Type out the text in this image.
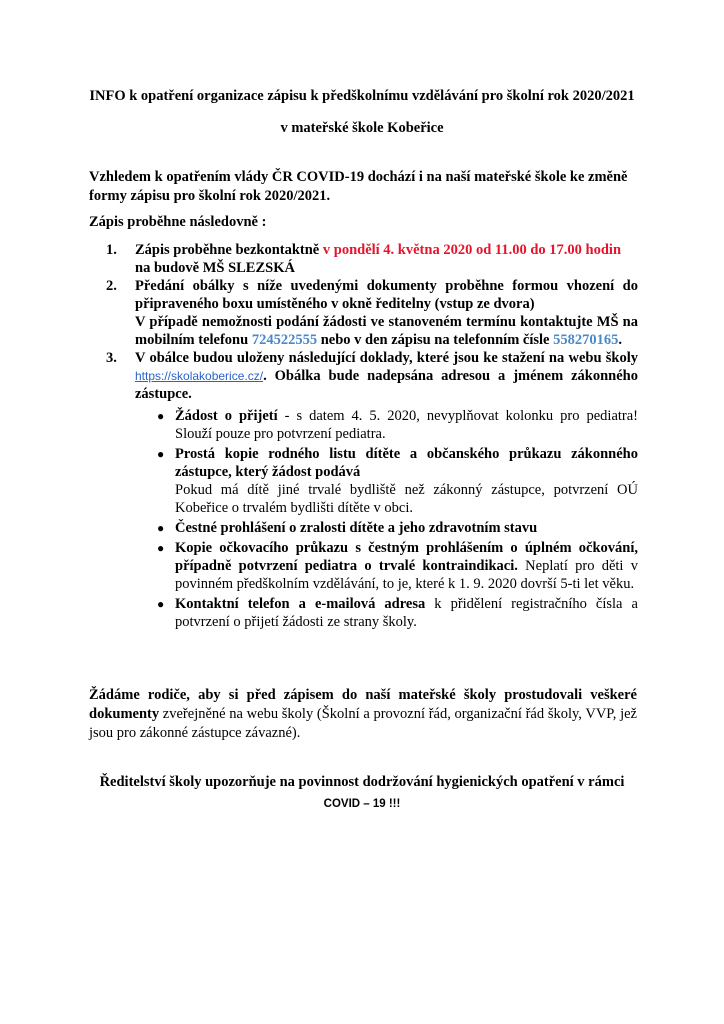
INFO k opatření organizace zápisu k předškolnímu vzdělávání pro školní rok 2020/2021
v mateřské škole Kobeřice
Vzhledem k opatřením vlády ČR COVID-19 dochází i na naší mateřské škole ke změně formy zápisu pro školní rok 2020/2021.
Zápis proběhne následovně :
1. Zápis proběhne bezkontaktně v pondělí 4. května 2020 od 11.00 do 17.00 hodin
na budově MŠ SLEZSKÁ
2. Předání obálky s níže uvedenými dokumenty proběhne formou vhození do připraveného boxu umístěného v okně ředitelny (vstup ze dvora)
V případě nemožnosti podání žádosti ve stanoveném termínu kontaktujte MŠ na mobilním telefonu 724522555 nebo v den zápisu na telefonním čísle 558270165.
3. V obálce budou uloženy následující doklady, které jsou ke stažení na webu školy https://skolakoberice.cz/. Obálka bude nadepsána adresou a jménem zákonného zástupce.
● Žádost o přijetí - s datem 4. 5. 2020, nevyplňovat kolonku pro pediatra! Slouží pouze pro potvrzení pediatra.
● Prostá kopie rodného listu dítěte a občanského průkazu zákonného zástupce, který žádost podává
Pokud má dítě jiné trvalé bydliště než zákonný zástupce, potvrzení OÚ Kobeřice o trvalém bydlišti dítěte v obci.
● Čestné prohlášení o zralosti dítěte a jeho zdravotním stavu
● Kopie očkovacího průkazu s čestným prohlášením o úplném očkování, případně potvrzení pediatra o trvalé kontraindikaci. Neplatí pro děti v povinném předškolním vzdělávání, to je, které k 1. 9. 2020 dovrší 5-ti let věku.
● Kontaktní telefon a e-mailová adresa k přidělení registračního čísla a potvrzení o přijetí žádosti ze strany školy.
Žádáme rodiče, aby si před zápisem do naší mateřské školy prostudovali veškeré dokumenty zveřejněné na webu školy (Školní a provozní řád, organizační řád školy, VVP, jež jsou pro zákonné zástupce závazné).
Ředitelství školy upozorňuje na povinnost dodržování hygienických opatření v rámci
COVID – 19 !!!
